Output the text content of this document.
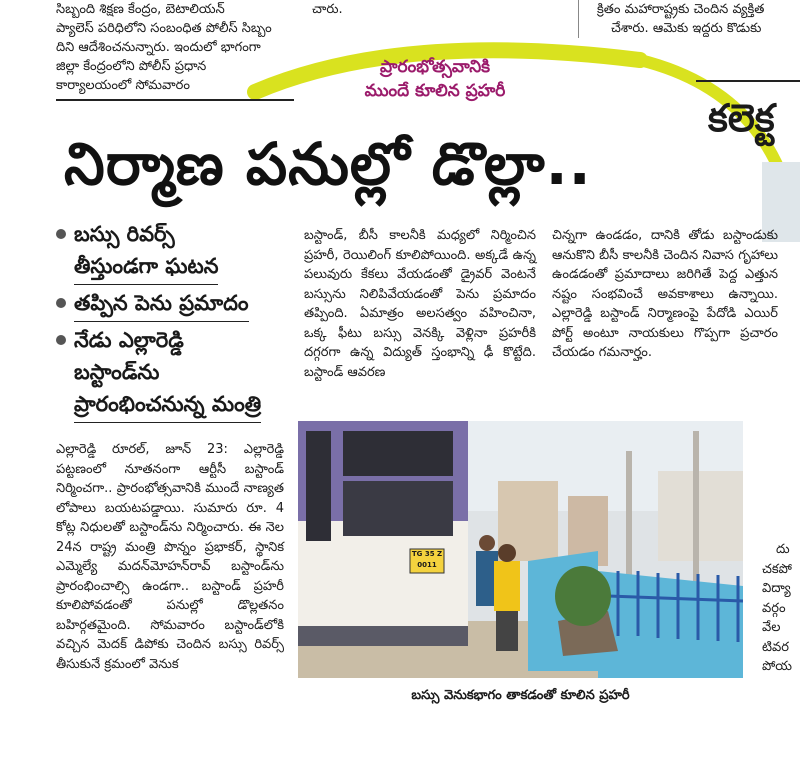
సిబ్బంది శిక్షణ కేంద్రం, బెటాలియన్
ప్యాలెస్ పరిధిలోని సంబంధిత పోలీస్ సిబ్బం
దిని ఆదేశించనున్నారు. ఇందులో భాగంగా
జిల్లా కేంద్రంలోని పోలీస్ ప్రధాన
కార్యాలయంలో సోమవారం
చారు.	క్రితం మహారాష్ట్రకు చెందిన వ్యక్తిత
చేశారు. ఆమెకు ఇద్దరు కొడుకు
ప్రారంభోత్సవానికి
ముందే కూలిన ప్రహరీ
కలెక్ట
నిర్మాణ పనుల్లో డొల్లా..
బస్సు రివర్స్
తీస్తుండగా ఘటన
తప్పిన పెను ప్రమాదం
నేడు ఎల్లారెడ్డి
బస్టాండ్‌ను
ప్రారంభించనున్న మంత్రి
ఎల్లారెడ్డి రూరల్‌, జూన్‌ 23: ఎల్లారెడ్డి పట్టణంలో నూతనంగా ఆర్టీసీ బస్టాండ్‌ నిర్మించగా.. ప్రారంభోత్సవానికి ముందే నాణ్యత లోపాలు బయటపడ్డాయి. సుమారు రూ. 4 కోట్ల నిధులతో బస్టాండ్‌ను నిర్మించారు. ఈ నెల 24న రాష్ట్ర మంత్రి పొన్నం ప్రభాకర్‌, స్థానిక ఎమ్మెల్యే మదన్‌మోహన్‌రావ్‌ బస్టాండ్‌ను ప్రారంభించాల్సి ఉండగా.. బస్టాండ్‌ ప్రహరీ కూలిపోవడంతో పనుల్లో డొల్లతనం బహిర్గతమైంది. సోమవారం బస్టాండ్‌లోకి వచ్చిన మెదక్‌ డిపోకు చెందిన బస్సు రివర్స్‌ తీసుకునే క్రమంలో వెనుక
బస్టాండ్‌, బీసీ కాలనీకి మధ్యలో నిర్మించిన ప్రహరీ, రెయిలింగ్‌ కూలిపోయింది. అక్కడే ఉన్న పలువురు కేకలు వేయడంతో డ్రైవర్‌ వెంటనే బస్సును నిలిపివేయడంతో పెను ప్రమాదం తప్పింది. ఏమాత్రం అలసత్వం వహించినా, ఒక్క ఫీటు బస్సు వెనక్కి వెళ్లినా ప్రహరీకి దగ్గరగా ఉన్న విద్యుత్‌ స్తంభాన్ని ఢీ కొట్టేది. బస్టాండ్‌ ఆవరణ
చిన్నగా ఉండడం, దానికి తోడు బస్టాండుకు ఆనుకొని బీసీ కాలనీకి చెందిన నివాస గృహాలు ఉండడంతో ప్రమాదాలు జరిగితే పెద్ద ఎత్తున నష్టం సంభవించే అవకాశాలు ఉన్నాయి. ఎల్లారెడ్డి బస్టాండ్‌ నిర్మాణంపై పేదోడి ఎయిర్‌ పోర్ట్‌ అంటూ నాయకులు గొప్పగా ప్రచారం చేయడం గమనార్హం.
TG 35 Z 0011
బస్సు వెనుకభాగం తాకడంతో కూలిన ప్రహరీ
దు
చకపో
విద్యా
వర్గం
వేల
టివర
పోయ
